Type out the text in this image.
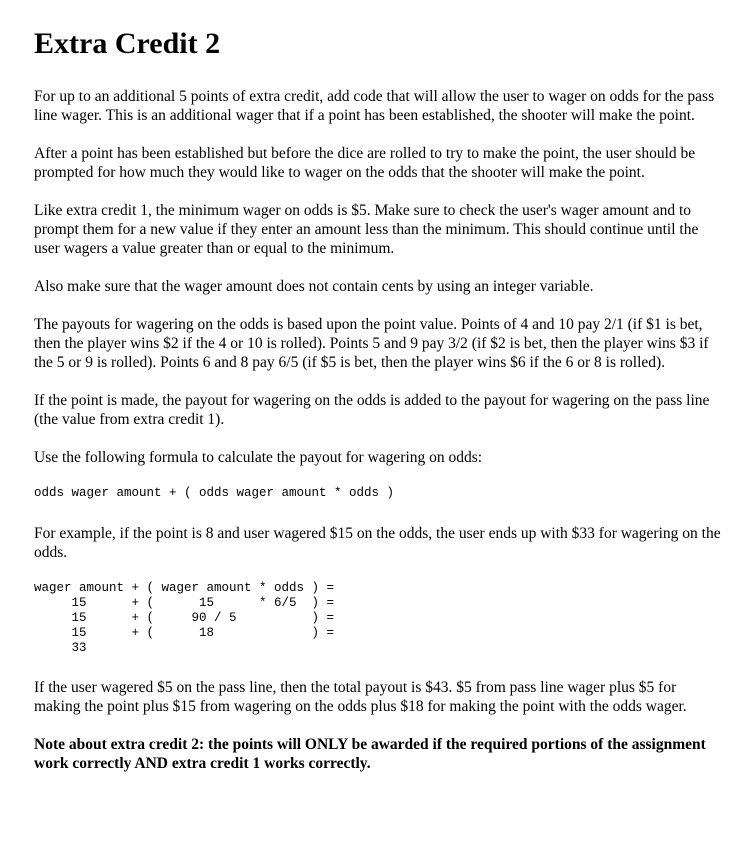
Extra Credit 2

For up to an additional 5 points of extra credit, add code that will allow the user to wager on odds for the pass line wager. This is an additional wager that if a point has been established, the shooter will make the point.

After a point has been established but before the dice are rolled to try to make the point, the user should be prompted for how much they would like to wager on the odds that the shooter will make the point.

Like extra credit 1, the minimum wager on odds is $5. Make sure to check the user's wager amount and to prompt them for a new value if they enter an amount less than the minimum. This should continue until the user wagers a value greater than or equal to the minimum.

Also make sure that the wager amount does not contain cents by using an integer variable.

The payouts for wagering on the odds is based upon the point value. Points of 4 and 10 pay 2/1 (if $1 is bet, then the player wins $2 if the 4 or 10 is rolled). Points 5 and 9 pay 3/2 (if $2 is bet, then the player wins $3 if the 5 or 9 is rolled). Points 6 and 8 pay 6/5 (if $5 is bet, then the player wins $6 if the 6 or 8 is rolled).

If the point is made, the payout for wagering on the odds is added to the payout for wagering on the pass line (the value from extra credit 1).

Use the following formula to calculate the payout for wagering on odds:

odds wager amount + ( odds wager amount * odds )

For example, if the point is 8 and user wagered $15 on the odds, the user ends up with $33 for wagering on the odds.

wager amount + ( wager amount * odds ) =
15      + (      15      * 6/5  ) =
15      + (     90 / 5          ) =
15      + (      18             ) =
33

If the user wagered $5 on the pass line, then the total payout is $43. $5 from pass line wager plus $5 for making the point plus $15 from wagering on the odds plus $18 for making the point with the odds wager.

Note about extra credit 2: the points will ONLY be awarded if the required portions of the assignment work correctly AND extra credit 1 works correctly.
